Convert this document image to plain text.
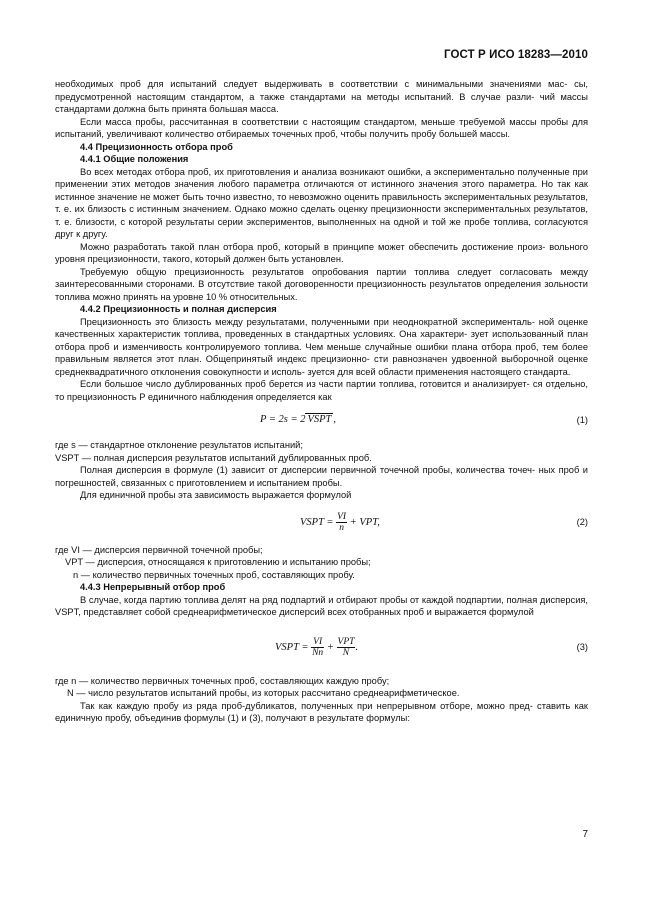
ГОСТ Р ИСО 18283—2010

необходимых проб для испытаний следует выдерживать в соответствии с минимальными значениями мас- сы, предусмотренной настоящим стандартом, а также стандартами на методы испытаний. В случае разли- чий массы стандартами должна быть принята большая масса.

Если масса пробы, рассчитанная в соответствии с настоящим стандартом, меньше требуемой массы пробы для испытаний, увеличивают количество отбираемых точечных проб, чтобы получить пробу большей массы.

4.4 Прецизионность отбора проб

4.4.1 Общие положения

Во всех методах отбора проб, их приготовления и анализа возникают ошибки, а экспериментально полученные при применении этих методов значения любого параметра отличаются от истинного значения этого параметра. Но так как истинное значение не может быть точно известно, то невозможно оценить правильность экспериментальных результатов, т. е. их близость с истинным значением. Однако можно сделать оценку прецизионности экспериментальных результатов, т. е. близости, с которой результаты серии экспериментов, выполненных на одной и той же пробе топлива, согласуются друг к другу.

Можно разработать такой план отбора проб, который в принципе может обеспечить достижение произ- вольного уровня прецизионности, такого, который должен быть установлен.

Требуемую общую прецизионность результатов опробования партии топлива следует согласовать между заинтересованными сторонами. В отсутствие такой договоренности прецизионность результатов определения зольности топлива можно принять на уровне 10 % относительных.

4.4.2 Прецизионность и полная дисперсия

Прецизионность это близость между результатами, полученными при неоднократной эксперименталь- ной оценке качественных характеристик топлива, проведенных в стандартных условиях. Она характери- зует использованный план отбора проб и изменчивость контролируемого топлива. Чем меньше случайные ошибки плана отбора проб, тем более правильным является этот план. Общепринятый индекс прецизионно- сти равнозначен удвоенной выборочной оценке среднеквадратичного отклонения совокупности и исполь- зуется для всей области применения настоящего стандарта.

Если большое число дублированных проб берется из части партии топлива, готовится и анализирует- ся отдельно, то прецизионность P единичного наблюдения определяется как

P = 2s = 2 VSPT ,	(1)

где s — стандартное отклонение результатов испытаний;

VSPT — полная дисперсия результатов испытаний дублированных проб.

Полная дисперсия в формуле (1) зависит от дисперсии первичной точечной пробы, количества точеч- ных проб и погрешностей, связанных с приготовлением и испытанием пробы.

Для единичной пробы эта зависимость выражается формулой

VSPT = $\frac{VI}{n}$ + VPT,	(2)

где VI — дисперсия первичной точечной пробы;

VPT — дисперсия, относящаяся к приготовлению и испытанию пробы;

n — количество первичных точечных проб, составляющих пробу.

4.4.3 Непрерывный отбор проб

В случае, когда партию топлива делят на ряд подпартий и отбирают пробы от каждой подпартии, полная дисперсия, VSPT, представляет собой среднеарифметическое дисперсий всех отобранных проб и выражается формулой

VSPT = $\frac{VI}{Nn} + \frac{\text{VPT}}{N}$ .	(3)

где n — количество первичных точечных проб, составляющих каждую пробу;

N — число результатов испытаний пробы, из которых рассчитано среднеарифметическое.

Так как каждую пробу из ряда проб-дубликатов, полученных при непрерывном отборе, можно пред- ставить как единичную пробу, объединив формулы (1) и (3), получают в результате формулы:

7
